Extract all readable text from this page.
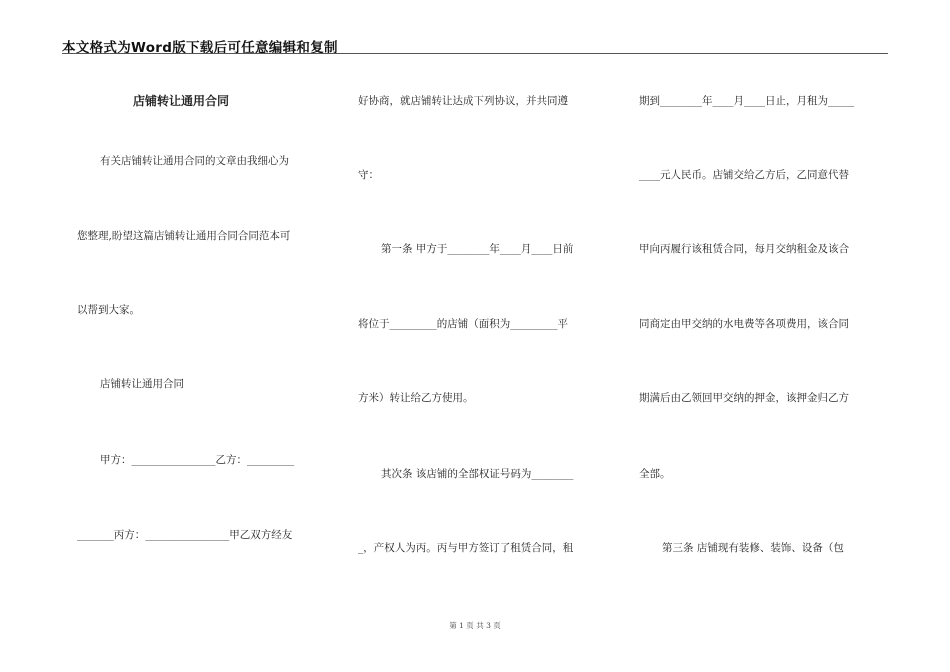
本文格式为Word版下载后可任意编辑和复制
店铺转让通用合同
有关店铺转让通用合同的文章由我细心为
您整理,盼望这篇店铺转让通用合同合同范本可
以帮到大家。
店铺转让通用合同
甲方：________________乙方：_________
_______丙方：________________甲乙双方经友
好协商，就店铺转让达成下列协议，并共同遵
守：
第一条 甲方于________年____月____日前
将位于_________的店铺（面积为_________平
方米）转让给乙方使用。
其次条 该店铺的全部权证号码为________
_，产权人为丙。丙与甲方签订了租赁合同，租
期到________年____月____日止，月租为_____
____元人民币。店铺交给乙方后，乙同意代替
甲向丙履行该租赁合同，每月交纳租金及该合
同商定由甲交纳的水电费等各项费用，该合同
期满后由乙领回甲交纳的押金，该押金归乙方
全部。
第三条 店铺现有装修、装饰、设备（包
第 1 页 共 3 页
